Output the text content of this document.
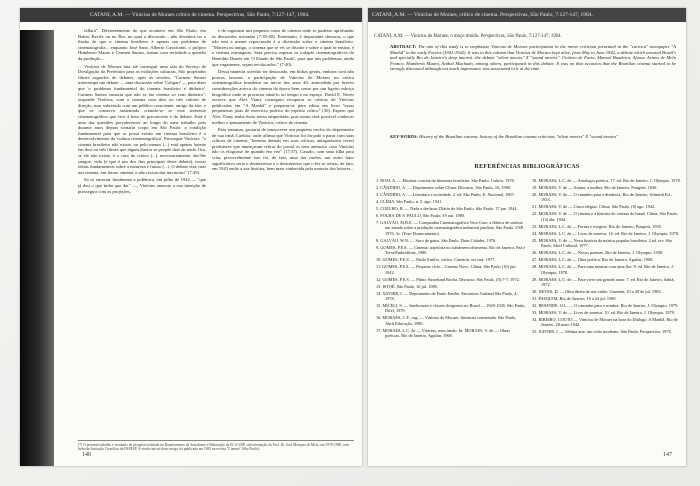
CATANI, A.M. — Vinícius de Moraes crítico de cinema. Perspectivas, São Paulo, 7:127-147, 1984.

fallará". Diferentemente do que acontece em São Paulo, em Bahia, Recife ou no Rio, no qual a discussão... não devemos ter a ilusão de que o cinema brasileiro é apenas um problema de cinematografia... enquanto José Sanz, Alberto Cavalcanti, o próprio Humberto Mauro e Carmen Santos, tratam com seriedade a questão da produção...

Vinícius de Moraes luta até conseguir uma sala do Serviço de Divulgação da Prefeitura para as exibições culturais. São projetados filmes seguidos de debates, após as sessões. "Carmen Santos interrompe um debate — uma discussão sobre 'Caligari' — para dizer que 'o problema fundamental do cinema brasileiro é dinheiro'. Carmen Santos enuncia que não se faz cinema só com dinheiro", responde Vinícius, com o cinema com dois ou três valores de direção, mas sobretudo com um público consciente, amigo da arte, e que se conserva sustentado criando-se se esse interesse cinematográfico que vive à base do preconceito e do debate. Está é uma das questões prevalecentes ao longo do meu trabalho pois durante anos depois tornaria corpo em São Paulo: a condição fundamental para que se possa existir um cinema brasileiro é o desenvolvimento da 'cultura cinematográfica'. Prossegue Vinícius: "o cinema brasileiro não existe, ou pelo menos (...) está apenas latente em dois ou três filmes que algum diretor se propõe tirar do nada. Ora, se ele não existe, é o caso do crítico (...), necessariamente, dar-lhe sangue, vida (e que é um dos fins principais deste debate), trocar ideias fundamentais sobre a natureza e futuro (...). O debate visa criar um cinema, em futuro cinema, e não ressuscitar um morto" (7:39).

Só se encerrar finalmente a polêmica, em julho de 1942 — "que já deu o que tinha que dar" —, Vinícius anuncia a sua intenção de prosseguir com as projeções,

e de organizar um pequeno curso de cinema onde se pudesse aprofundar as discussões iniciadas (7:39-40). Entretanto, é importante destacar, o que não tem a menor repercussão é a discussão sobre o cinema brasileiro. "Morreu ou antigo, o cinema que se vê, se discute e sobre o qual se ensina, é o cinema estrangeiro. Será preciso esperar os rodapés cinematográficos do Benedito Duarte em 'O Estado de São Paulo', para que tais problemas, ainda que vagamente, sejam recolocados." (7:40).

Dessa maneira acredito ter destacado, em linhas gerais, embora com não poucas lacunas, a participação de Vinícius de Moraes na crítica cinematográfica brasileira no início dos anos 40, antecedida por breves considerações acerca do cinema da época bem como por um ligeiro esboço biográfico onde se procurou situá-lo no tempo e no espaço. David E. Neves escreve que Alex Viany conseguiu recuperar as críticas de Vinícius publicadas em "A Manhã" e preparar-se para editar em livro "essas pequeninas joias de exercício poético do espírito crítico" (30). Espero que Alex Viany tenha êxito nessa empreitada, pois assim será possível conhecer melhor o pensamento de Vinícius, crítico de cinema.

Para terminar, gostaria de transcrever um pequeno trecho do depoimento de sua irmã, Laetitia, onde afirma que Vinícius foi forçado a parar com suas críticas de cinema: "honesto demais em suas críticas, antagonizava certos produtores que ameaçaram retirar do jornal os seus anúncios caso Vinícius não os elogiasse de quando em vez" (17:57). Casado, com uma filha para criar, provavelmente isto foi, de fato, uma das razões, um outro fator significativo seria o desinteresse e o desinteresse que o fez se retirar, de fato, em 1943 então a sua história, bem mais conhecida pela maioria dos leitores...

(*) O presente trabalho é resultado de pesquisa realizada no Departamento de Jornalismo e Editoração da ECA-USP, sob orientação do Prof. Dr. José Marques de Melo, em 1979-1980, com bolsa de Iniciação Científica da FAPESP. A versão inicial deste artigo foi publicada em 1981 na revista "Cinema" (São Paulo).
140
CATANI, A.M. — Vinícius de Moraes, crítico de cinema. Perspectivas, São Paulo, 7:127-147, 1984.
CATANI, A.M. — Vinícius de Moraes, o moço tímido. Perspectivas, São Paulo, 7:127-147, 1984.
ABSTRACT: The aim of this study is to emphasize Vinicius de Moraes participation in the movie criticism presented in the "carioca" newspaper "A Manhã" in the early Forties (1941-1942). It was in this column that Vinicius de Moraes kept alive, from May to June 1942, a debate which aroused Brazil's and specially Rio de Janeiro's deep interest: the debate "silent movies" X "sound movies". Octávio de Faria, Manoel Bandeira, Afonso Arinos de Melo Franco, Humberto Mauro, Aníbal Machado, among others, participated in this debate. It was on that occasion that the Brazilian cinema started to be strongly discussed although not much importance was associated to it at the time.
KEY-WORDS: History of the Brazilian cinema; history of the Brazilian cinema criticism; "silent movies" X "sound movies".
REFERÊNCIAS BIBLIOGRÁFICAS
1. BOSI, A. — História concisa da literatura brasileira. São Paulo, Cultrix, 1970.
2. CÂNDIDO, A. — Depoimento sobre Clima. Discurso, São Paulo, 16, 1980.
3. CÂNDIDO, A. — Literatura e sociedade. 2. ed. São Paulo, E. Nacional, 1967.
4. CLIMA, São Paulo, n. 5, ago. 1941.
5. COELHO, R. — Nada a declarar. Diário de São Paulo, São Paulo, 17 jan. 1944.
6. FOLHA DE S. PAULO, São Paulo, 19 out. 1980.
7. GALVÃO, M.R.E. — Companhia Cinematográfica Vera Cruz: a fábrica de sonhos: um estudo sobre a produção cinematográfica industrial paulista. São Paulo, USP, 1976. 3v. (Tese-Doutoramento).
8. GALVÃO, W.N. — Saco de gatos. São Paulo, Duas Cidades, 1976.
9. GOMES, P.E.S. — Cinema: trajetória no subdesenvolvimento. Rio de Janeiro, Paz e Terra/Embrafilme, 1980.
10. GOMES, P.E.S. — Paulo Emílio, crítico. Cinemin, set./out. 1977.
11. GOMES, P.E.S. — Pequeno ciclo... Cinema Novo. Clima, São Paulo (10) jun. 1942.
12. GOMES, P.E.S. — Plínio Sussekind Rocha. Discurso, São Paulo, (5):7-7, 1972.
13. ISTOÉ, São Paulo, 16 jul. 1980.
14. XAVIER, I. — Depoimento de Paulo Emílio. Encontros Garland São Paulo, 4, 1978.
15. MICELI, S. — Intelectuais e classes dirigentes no Brasil — 1920-1945. São Paulo, Difel, 1979.
16. MORAES, C.F., org. — Vinícius de Moraes: literatura comentada. São Paulo, Abril Educação, 1980.
17. MORAES, L.C. de — Vinícius, meu irmão. In: MORAES, V. de — Obras poéticas. Rio de Janeiro, Aguilar, 1968.
18. MORAES, L.C. de — Antologia poética. 17. ed. Rio de Janeiro, J. Olympio, 1978.
19. MORAES, V. de — Ariana, a mulher. Rio de Janeiro, Pongetti, 1936.
20. MORAES, V. de — O caminho para a distância. Rio de Janeiro, Schmidt Ed., 1933.
21. MORAES, V. de — Cinco elegias. Clima, São Paulo, (8) ago. 1942.
22. MORAES, V. de — O cinema e a história do cinema do banal. Clima, São Paulo, (12) abr. 1944.
23. MORAES, L.C. de — Forma e exegese. Rio de Janeiro, Pongetti, 1935.
24. MORAES, L.C. de — Livro de sonetos. 16. ed. Rio de Janeiro, J. Olympio, 1978.
25. MORAES, V. de — Nova história da música popular brasileira. 2.ed. rev. São Paulo, Abril Cultural, 1977.
26. MORAES, L.C. de — Novos poemas. Rio de Janeiro, J. Olympio, 1938.
27. MORAES, L.C. de — Obra poética. Rio de Janeiro, Aguilar, 1968.
28. MORAES, L.C. de — Para uma menina com uma flor. 9. ed. Rio de Janeiro, J. Olympio, 1978.
29. MORAES, L.C. de — Para viver um grande amor. 7. ed. Rio de Janeiro, Sabiá, 1972.
30. NEVES, D. — Obra direta de seu vinho. Cinemin, 10 a 28 de jul. 1983.
31. PASQUIM, Rio de Janeiro, 19 a 24 jul. 1980.
32. RESENDE, O.L. — O caminho para a sombra. Rio de Janeiro, J. Olympio, 1979.
33. MORAES, V. de — Livro de sonetos. 10. ed. Rio de Janeiro, J. Olympio, 1979.
34. RIBEIRO, COUTO — Vinícius de Moraes na hora do Diálogo. A Manhã, Rio de Janeiro, 28 maio 1942.
35. XAVIER, I. — Sétima arte: um culto moderno. São Paulo, Perspectiva, 1978.
147
